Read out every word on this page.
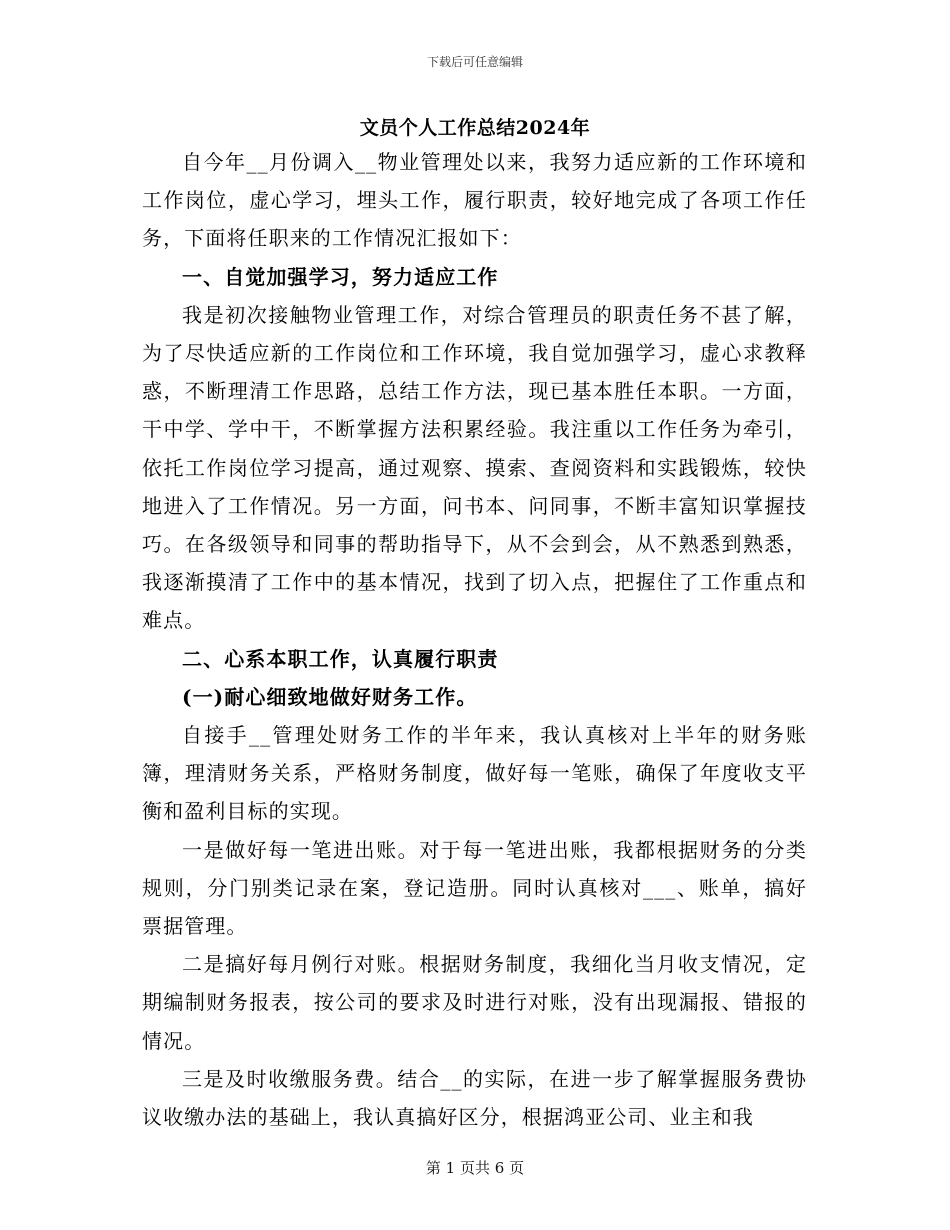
下载后可任意编辑
文员个人工作总结2024年

自今年__月份调入__物业管理处以来，我努力适应新的工作环境和工作岗位，虚心学习，埋头工作，履行职责，较好地完成了各项工作任务，下面将任职来的工作情况汇报如下：

一、自觉加强学习，努力适应工作

我是初次接触物业管理工作，对综合管理员的职责任务不甚了解，为了尽快适应新的工作岗位和工作环境，我自觉加强学习，虚心求教释惑，不断理清工作思路，总结工作方法，现已基本胜任本职。一方面，干中学、学中干，不断掌握方法积累经验。我注重以工作任务为牵引，依托工作岗位学习提高，通过观察、摸索、查阅资料和实践锻炼，较快地进入了工作情况。另一方面，问书本、问同事，不断丰富知识掌握技巧。在各级领导和同事的帮助指导下，从不会到会，从不熟悉到熟悉，我逐渐摸清了工作中的基本情况，找到了切入点，把握住了工作重点和难点。

二、心系本职工作，认真履行职责

(一)耐心细致地做好财务工作。

自接手__管理处财务工作的半年来，我认真核对上半年的财务账簿，理清财务关系，严格财务制度，做好每一笔账，确保了年度收支平衡和盈利目标的实现。

一是做好每一笔进出账。对于每一笔进出账，我都根据财务的分类规则，分门别类记录在案，登记造册。同时认真核对___、账单，搞好票据管理。

二是搞好每月例行对账。根据财务制度，我细化当月收支情况，定期编制财务报表，按公司的要求及时进行对账，没有出现漏报、错报的情况。

三是及时收缴服务费。结合__的实际，在进一步了解掌握服务费协议收缴办法的基础上，我认真搞好区分，根据鸿亚公司、业主和我

第 1 页共 6 页
